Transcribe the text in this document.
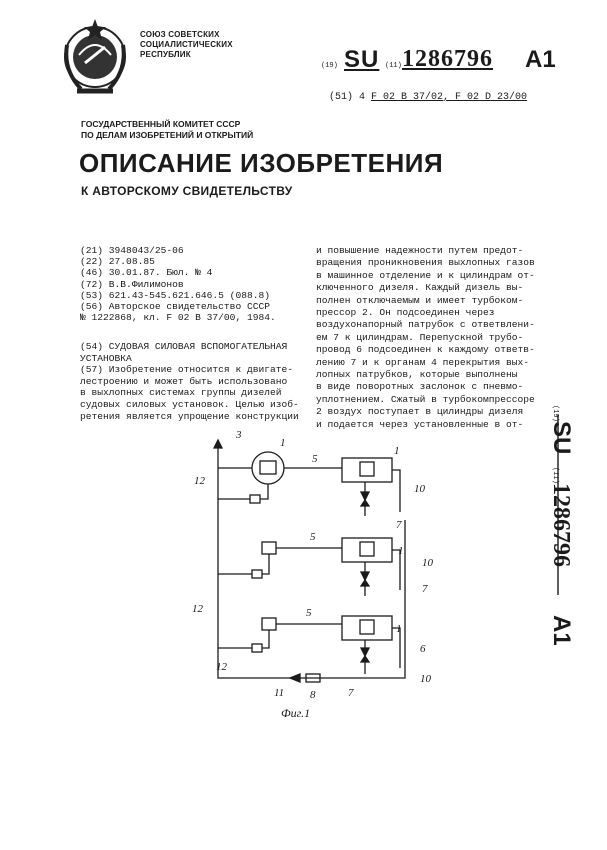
СОЮЗ СОВЕТСКИХ
СОЦИАЛИСТИЧЕСКИХ
РЕСПУБЛИК
(19) SU (11) 1286796 A1
(51) 4 F 02 B 37/02, F 02 D 23/00
ГОСУДАРСТВЕННЫЙ КОМИТЕТ СССР
ПО ДЕЛАМ ИЗОБРЕТЕНИЙ И ОТКРЫТИЙ
ОПИСАНИЕ ИЗОБРЕТЕНИЯ
К АВТОРСКОМУ СВИДЕТЕЛЬСТВУ
(21) 3948043/25-06
(22) 27.08.85
(46) 30.01.87. Бюл. № 4
(72) В.В.Филимонов
(53) 621.43-545.621.646.5 (088.8)
(56) Авторское свидетельство СССР
№ 1222868, кл. F 02 B 37/00, 1984.
(54) СУДОВАЯ СИЛОВАЯ ВСПОМОГАТЕЛЬНАЯ
УСТАНОВКА
(57) Изобретение относится к двигате-
лестроению и может быть использовано
в выхлопных системах группы дизелей
судовых силовых установок. Целью изоб-
ретения является упрощение конструкции
и повышение надежности путем предот-
вращения проникновения выхлопных газов
в машинное отделение и к цилиндрам от-
ключенного дизеля. Каждый дизель вы-
полнен отключаемым и имеет турбоком-
прессор 2. Он подсоединен через
воздухонапорный патрубок с ответвлени-
ем 7 к цилиндрам. Перепускной трубо-
провод 6 подсоединен к каждому ответв-
лению 7 и к органам 4 перекрытия вых-
лопных патрубков, которые выполнены
в виде поворотных заслонок с пневмо-
уплотнением. Сжатый в турбокомпрессоре
2 воздух поступает в цилиндры дизеля
и подается через установленные в от-
(19)
SU
(11)
1286796
A1
3
1
5
1
10
7
12
5
1
10
7
12	5
1
6
12
10
11 8	7
Фиг.1
